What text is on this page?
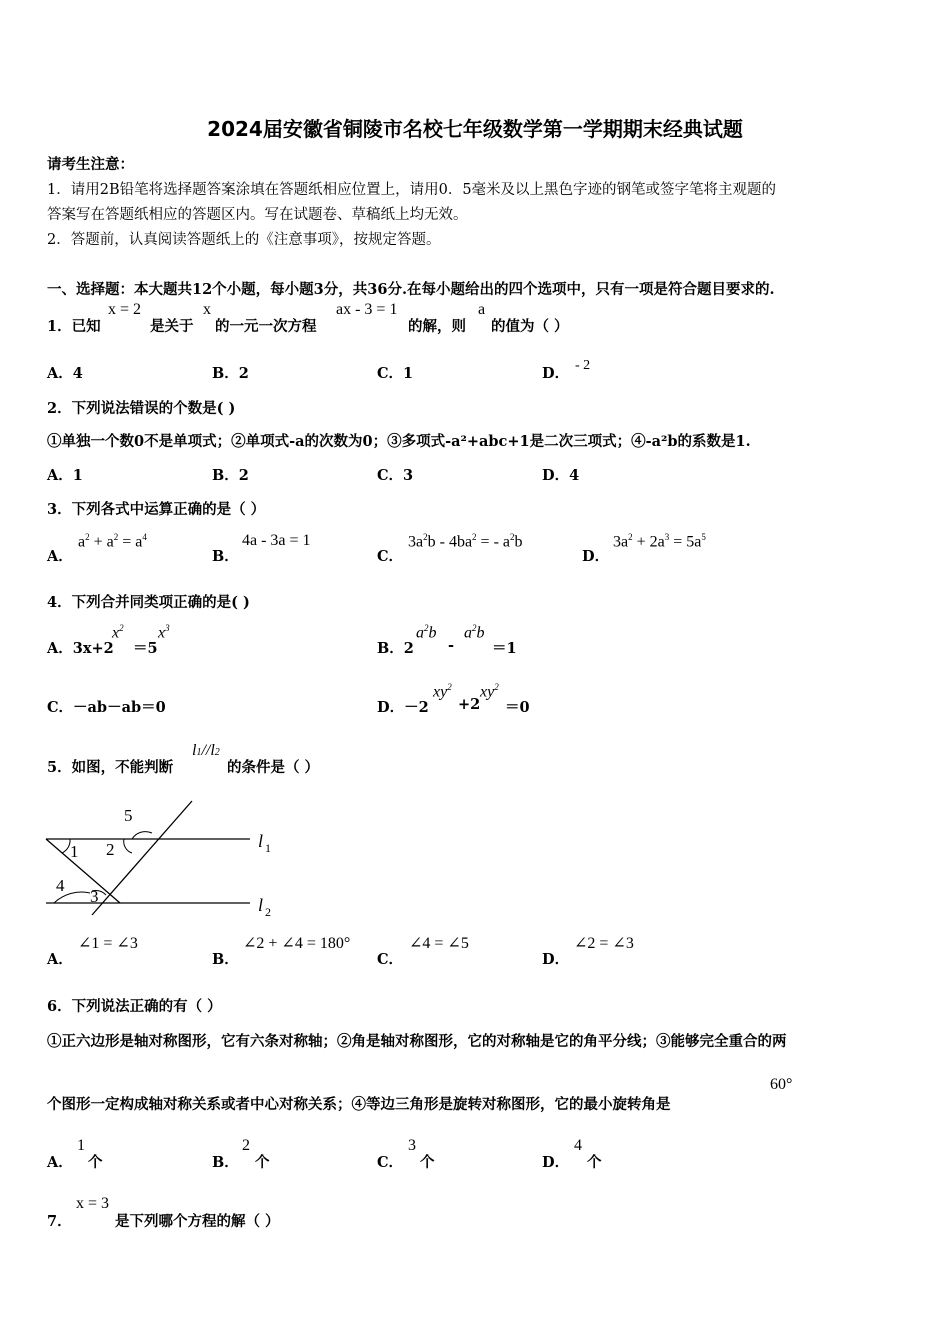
2024届安徽省铜陵市名校七年级数学第一学期期末经典试题
请考生注意：
1．请用2B铅笔将选择题答案涂填在答题纸相应位置上，请用0．5毫米及以上黑色字迹的钢笔或签字笔将主观题的
答案写在答题纸相应的答题区内。写在试题卷、草稿纸上均无效。
2．答题前，认真阅读答题纸上的《注意事项》，按规定答题。
一、选择题：本大题共12个小题，每小题3分，共36分.在每小题给出的四个选项中，只有一项是符合题目要求的.
1．已知
x = 2
是关于
x
的一元一次方程
ax - 3 = 1
的解，则
a
的值为（ ）
A．4	B．2	C．1	D． - 2
2．下列说法错误的个数是( )
①单独一个数0不是单项式；②单项式-a的次数为0；③多项式-a²+abc+1是二次三项式；④-a²b的系数是1.
A．1	B．2	C．3	D．4
3．下列各式中运算正确的是（ ）
A．
$a^2 + a^2 = a^4$
B．
4a - 3a = 1
C．
$3a^2b - 4ba^2$ = - $a^2b$
D．
$3a^2 + 2a^3 = 5a^5$
4．下列合并同类项正确的是( )
A．3x+2
$x^2$
＝5
$x^3$
B．2
$a^2b$
-
$a^2b$
＝1
C．－ab－ab＝0	D．－2
$xy^2$
+2
$xy^2$
＝0
5．如图，不能判断
l1//l2
的条件是（ ）
5
1 2
4
3
l 1
l 2
A．
∠1 = ∠3
B．
∠2 + ∠4 = 180°
C．
∠4 = ∠5
D．
∠2 = ∠3
6．下列说法正确的有（ ）
①正六边形是轴对称图形，它有六条对称轴；②角是轴对称图形，它的对称轴是它的角平分线；③能够完全重合的两
个图形一定构成轴对称关系或者中心对称关系；④等边三角形是旋转对称图形，它的最小旋转角是
60°
A．
1
个	B．
2
个	C．
3
个	D．
4
个
7．
x = 3
是下列哪个方程的解（ ）
